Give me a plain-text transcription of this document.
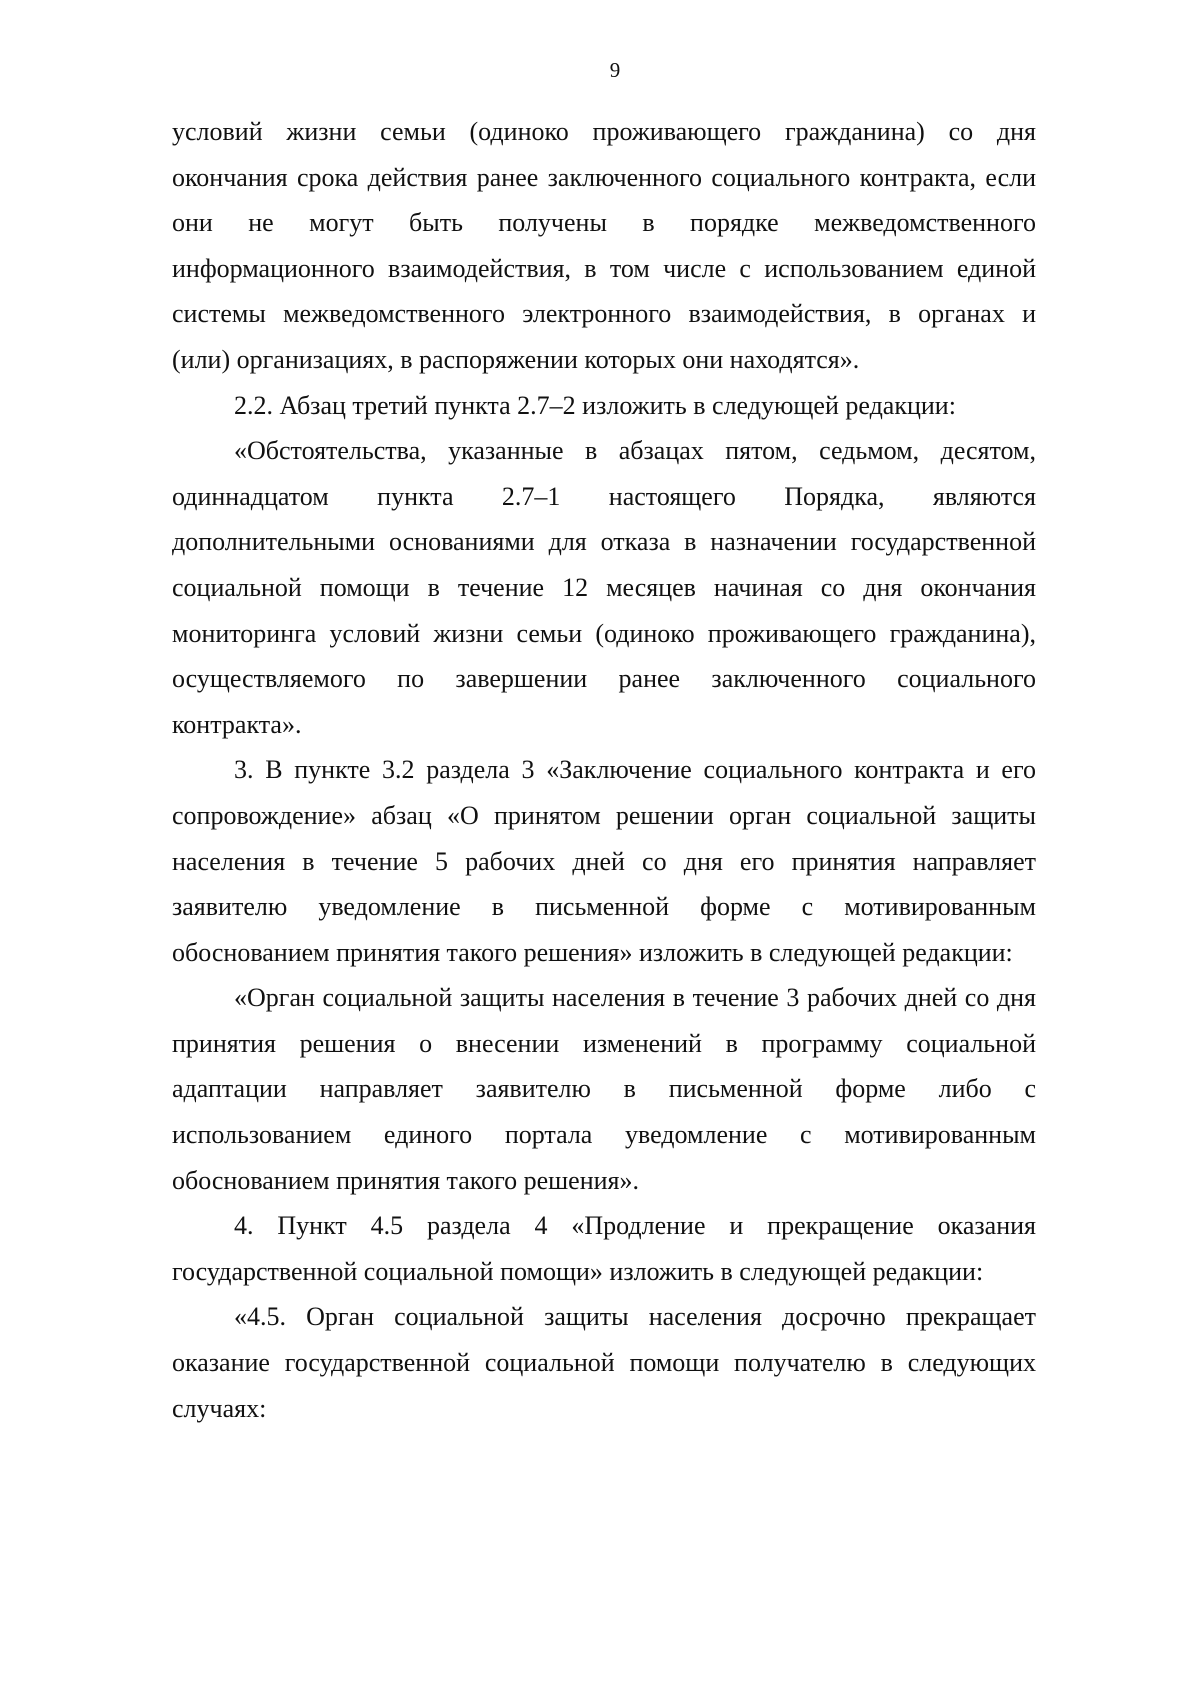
9

условий жизни семьи (одиноко проживающего гражданина) со дня окончания срока действия ранее заключенного социального контракта, если они не могут быть получены в порядке межведомственного информационного взаимодействия, в том числе с использованием единой системы межведомственного электронного взаимодействия, в органах и (или) организациях, в распоряжении которых они находятся».

2.2. Абзац третий пункта 2.7–2 изложить в следующей редакции:

«Обстоятельства, указанные в абзацах пятом, седьмом, десятом, одиннадцатом пункта 2.7–1 настоящего Порядка, являются дополнительными основаниями для отказа в назначении государственной социальной помощи в течение 12 месяцев начиная со дня окончания мониторинга условий жизни семьи (одиноко проживающего гражданина), осуществляемого по завершении ранее заключенного социального контракта».

3. В пункте 3.2 раздела 3 «Заключение социального контракта и его сопровождение» абзац «О принятом решении орган социальной защиты населения в течение 5 рабочих дней со дня его принятия направляет заявителю уведомление в письменной форме с мотивированным обоснованием принятия такого решения» изложить в следующей редакции:

«Орган социальной защиты населения в течение 3 рабочих дней со дня принятия решения о внесении изменений в программу социальной адаптации направляет заявителю в письменной форме либо с использованием единого портала уведомление с мотивированным обоснованием принятия такого решения».

4. Пункт 4.5 раздела 4 «Продление и прекращение оказания государственной социальной помощи» изложить в следующей редакции:

«4.5. Орган социальной защиты населения досрочно прекращает оказание государственной социальной помощи получателю в следующих случаях:
